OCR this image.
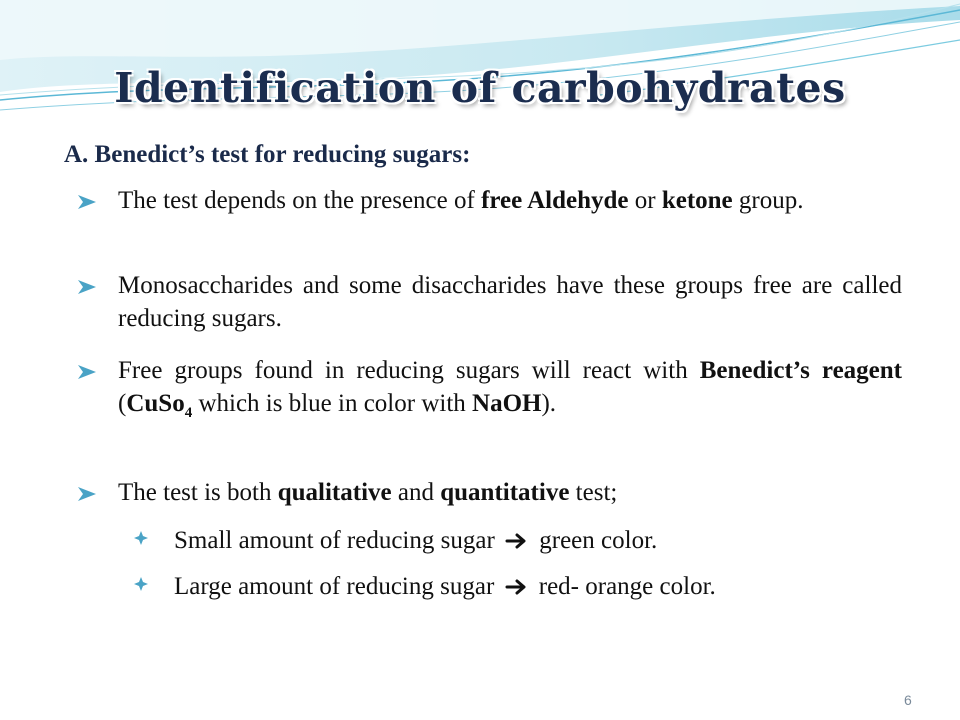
Identification of carbohydrates
A. Benedict’s test for reducing sugars:
The test depends on the presence of free Aldehyde or ketone group.
Monosaccharides and some disaccharides have these groups free are called reducing sugars.
Free groups found in reducing sugars will react with Benedict’s reagent (CuSo$_4$ which is blue in color with NaOH).
The test is both qualitative and quantitative test;
Small amount of reducing sugar  green color.
Large amount of reducing sugar  red- orange color.
6
